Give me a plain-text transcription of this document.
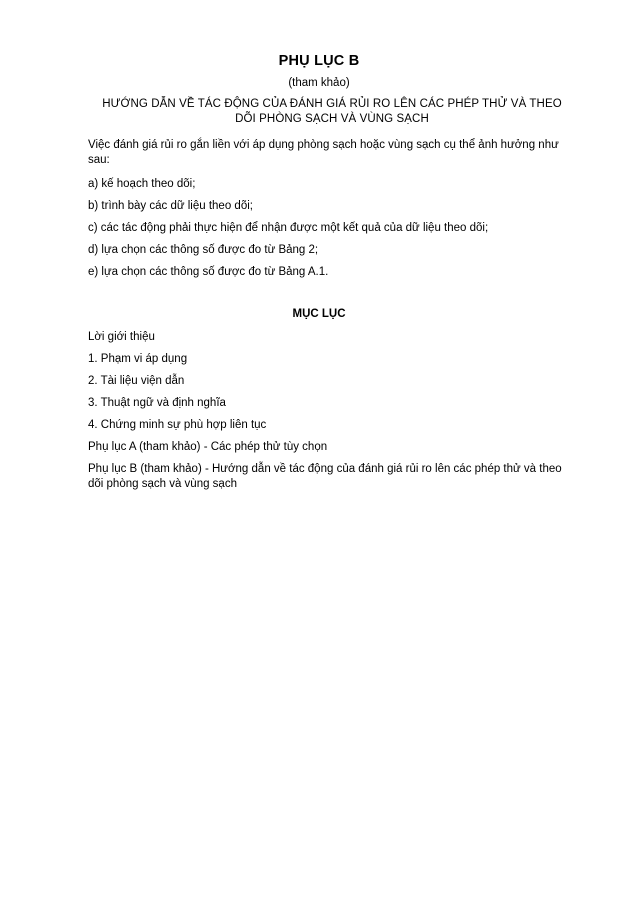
PHỤ LỤC B
(tham khảo)
HƯỚNG DẪN VỀ TÁC ĐỘNG CỦA ĐÁNH GIÁ RỦI RO LÊN CÁC PHÉP THỬ VÀ THEO
DÕI PHÒNG SẠCH VÀ VÙNG SẠCH

Việc đánh giá rủi ro gắn liền với áp dụng phòng sạch hoặc vùng sạch cụ thể ảnh hưởng như sau:

a) kế hoạch theo dõi;

b) trình bày các dữ liệu theo dõi;

c) các tác động phải thực hiện để nhận được một kết quả của dữ liệu theo dõi;

d) lựa chọn các thông số được đo từ Bảng 2;

e) lựa chọn các thông số được đo từ Bảng A.1.

MỤC LỤC

Lời giới thiệu

1. Phạm vi áp dụng

2. Tài liệu viện dẫn

3. Thuật ngữ và định nghĩa

4. Chứng minh sự phù hợp liên tục

Phụ lục A (tham khảo) - Các phép thử tùy chọn

Phụ lục B (tham khảo) - Hướng dẫn về tác động của đánh giá rủi ro lên các phép thử và theo dõi phòng sạch và vùng sạch
